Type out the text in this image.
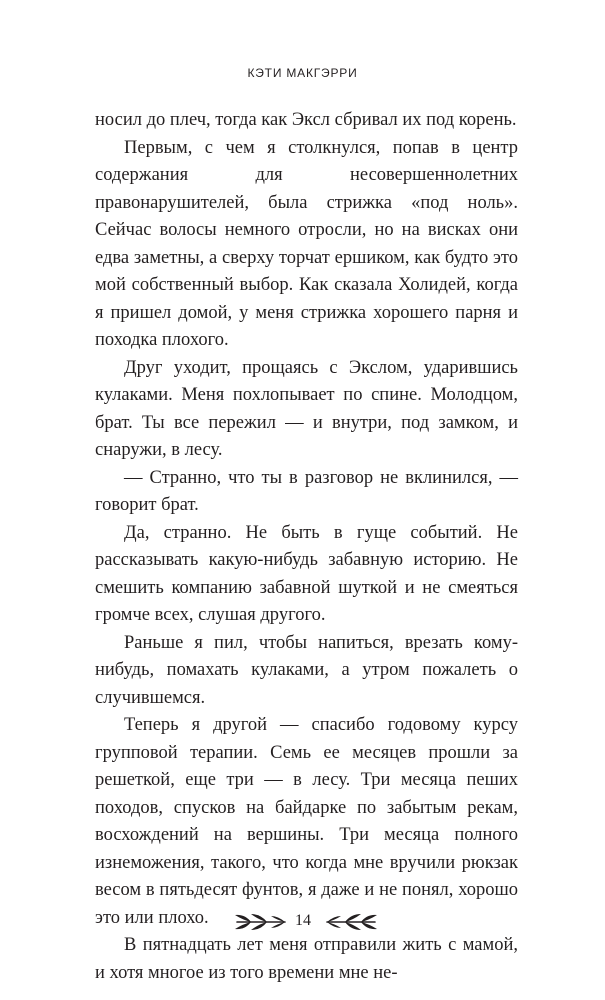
КЭТИ МАКГЭРРИ

носил до плеч, тогда как Эксл сбривал их под корень.

Первым, с чем я столкнулся, попав в центр содержания для несовершеннолетних правонарушителей, была стрижка «под ноль». Сейчас волосы немного отросли, но на висках они едва заметны, а сверху торчат ершиком, как будто это мой собственный выбор. Как сказала Холидей, когда я пришел домой, у меня стрижка хорошего парня и походка плохого.

Друг уходит, прощаясь с Экслом, ударившись кулаками. Меня похлопывает по спине. Молодцом, брат. Ты все пережил — и внутри, под замком, и снаружи, в лесу.

— Странно, что ты в разговор не вклинился, — говорит брат.

Да, странно. Не быть в гуще событий. Не рассказывать какую-нибудь забавную историю. Не смешить компанию забавной шуткой и не смеяться громче всех, слушая другого.

Раньше я пил, чтобы напиться, врезать кому-нибудь, помахать кулаками, а утром пожалеть о случившемся.

Теперь я другой — спасибо годовому курсу групповой терапии. Семь ее месяцев прошли за решеткой, еще три — в лесу. Три месяца пеших походов, спусков на байдарке по забытым рекам, восхождений на вершины. Три месяца полного изнеможения, такого, что когда мне вручили рюкзак весом в пятьдесят фунтов, я даже и не понял, хорошо это или плохо.

В пятнадцать лет меня отправили жить с мамой, и хотя многое из того времени мне не-

14
